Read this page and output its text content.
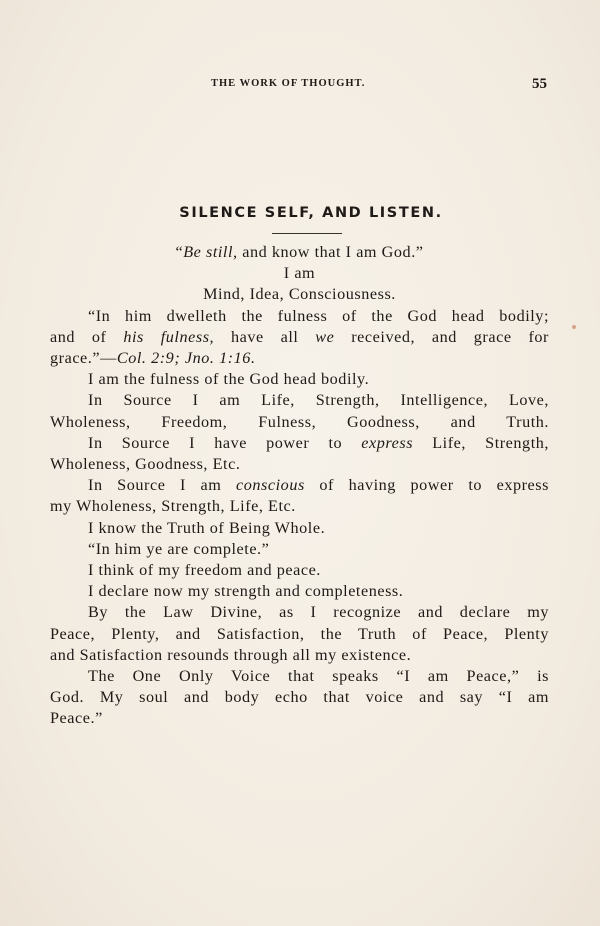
THE WORK OF THOUGHT.	55
SILENCE SELF, AND LISTEN.
“Be still, and know that I am God.”
I am
Mind, Idea, Consciousness.
“In him dwelleth the fulness of the God head bodily;
and of his fulness, have all we received, and grace for
grace.”—Col. 2:9; Jno. 1:16.
I am the fulness of the God head bodily.
In Source I am Life, Strength, Intelligence, Love,
Wholeness, Freedom, Fulness, Goodness, and Truth.
In Source I have power to express Life, Strength,
Wholeness, Goodness, Etc.
In Source I am conscious of having power to express
my Wholeness, Strength, Life, Etc.
I know the Truth of Being Whole.
“In him ye are complete.”
I think of my freedom and peace.
I declare now my strength and completeness.
By the Law Divine, as I recognize and declare my
Peace, Plenty, and Satisfaction, the Truth of Peace, Plenty
and Satisfaction resounds through all my existence.
The One Only Voice that speaks “I am Peace,” is
God. My soul and body echo that voice and say “I am
Peace.”
